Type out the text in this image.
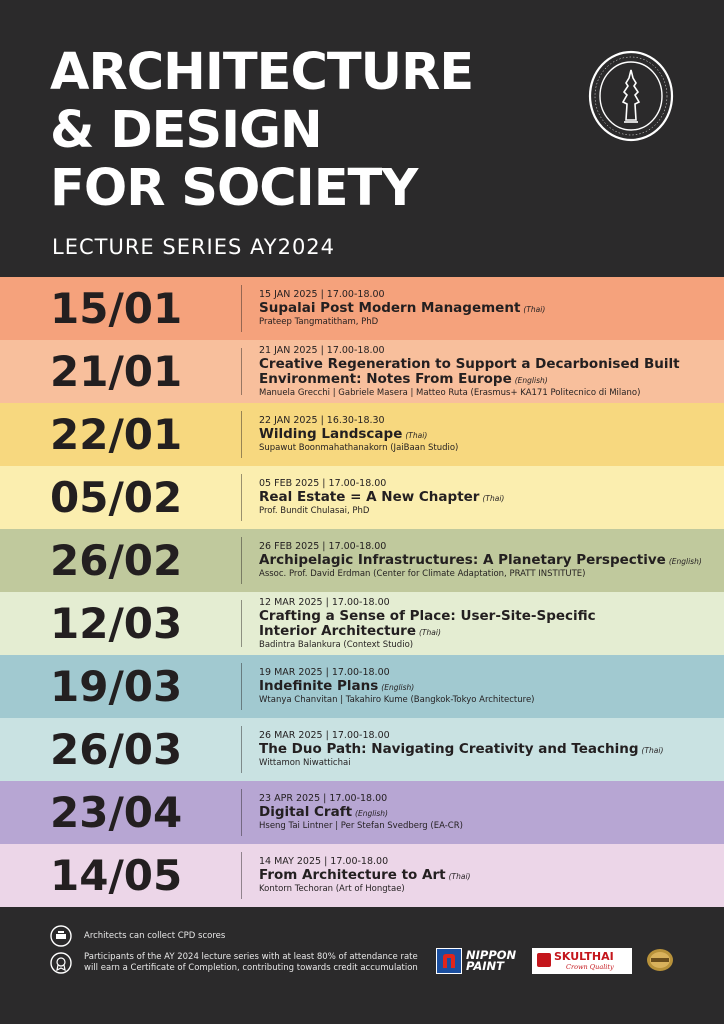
ARCHITECTURE
& DESIGN
FOR SOCIETY
LECTURE SERIES AY2024
15/01	15 JAN 2025 | 17.00-18.00
Supalai Post Modern Management (Thai)
Prateep Tangmatitham, PhD
21/01	21 JAN 2025 | 17.00-18.00
Creative Regeneration to Support a Decarbonised Built
Environment: Notes From Europe (English)
Manuela Grecchi | Gabriele Masera | Matteo Ruta (Erasmus+ KA171 Politecnico di Milano)
22/01	22 JAN 2025 | 16.30-18.30
Wilding Landscape (Thai)
Supawut Boonmahathanakorn (JaiBaan Studio)
05/02	05 FEB 2025 | 17.00-18.00
Real Estate = A New Chapter (Thai)
Prof. Bundit Chulasai, PhD
26/02	26 FEB 2025 | 17.00-18.00
Archipelagic Infrastructures: A Planetary Perspective (English)
Assoc. Prof. David Erdman (Center for Climate Adaptation, PRATT INSTITUTE)
12/03	12 MAR 2025 | 17.00-18.00
Crafting a Sense of Place: User-Site-Specific
Interior Architecture (Thai)
Badintra Balankura (Context Studio)
19/03	19 MAR 2025 | 17.00-18.00
Indefinite Plans (English)
Wtanya Chanvitan | Takahiro Kume (Bangkok-Tokyo Architecture)
26/03	26 MAR 2025 | 17.00-18.00
The Duo Path: Navigating Creativity and Teaching (Thai)
Wittamon Niwattichai
23/04	23 APR 2025 | 17.00-18.00
Digital Craft (English)
Hseng Tai Lintner | Per Stefan Svedberg (EA-CR)
14/05	14 MAY 2025 | 17.00-18.00
From Architecture to Art (Thai)
Kontorn Techoran (Art of Hongtae)
Architects can collect CPD scores
Participants of the AY 2024 lecture series with at least 80% of attendance rate
will earn a Certificate of Completion, contributing towards credit accumulation
NIPPON
PAINT
SKULTHAI
Crown Quality
